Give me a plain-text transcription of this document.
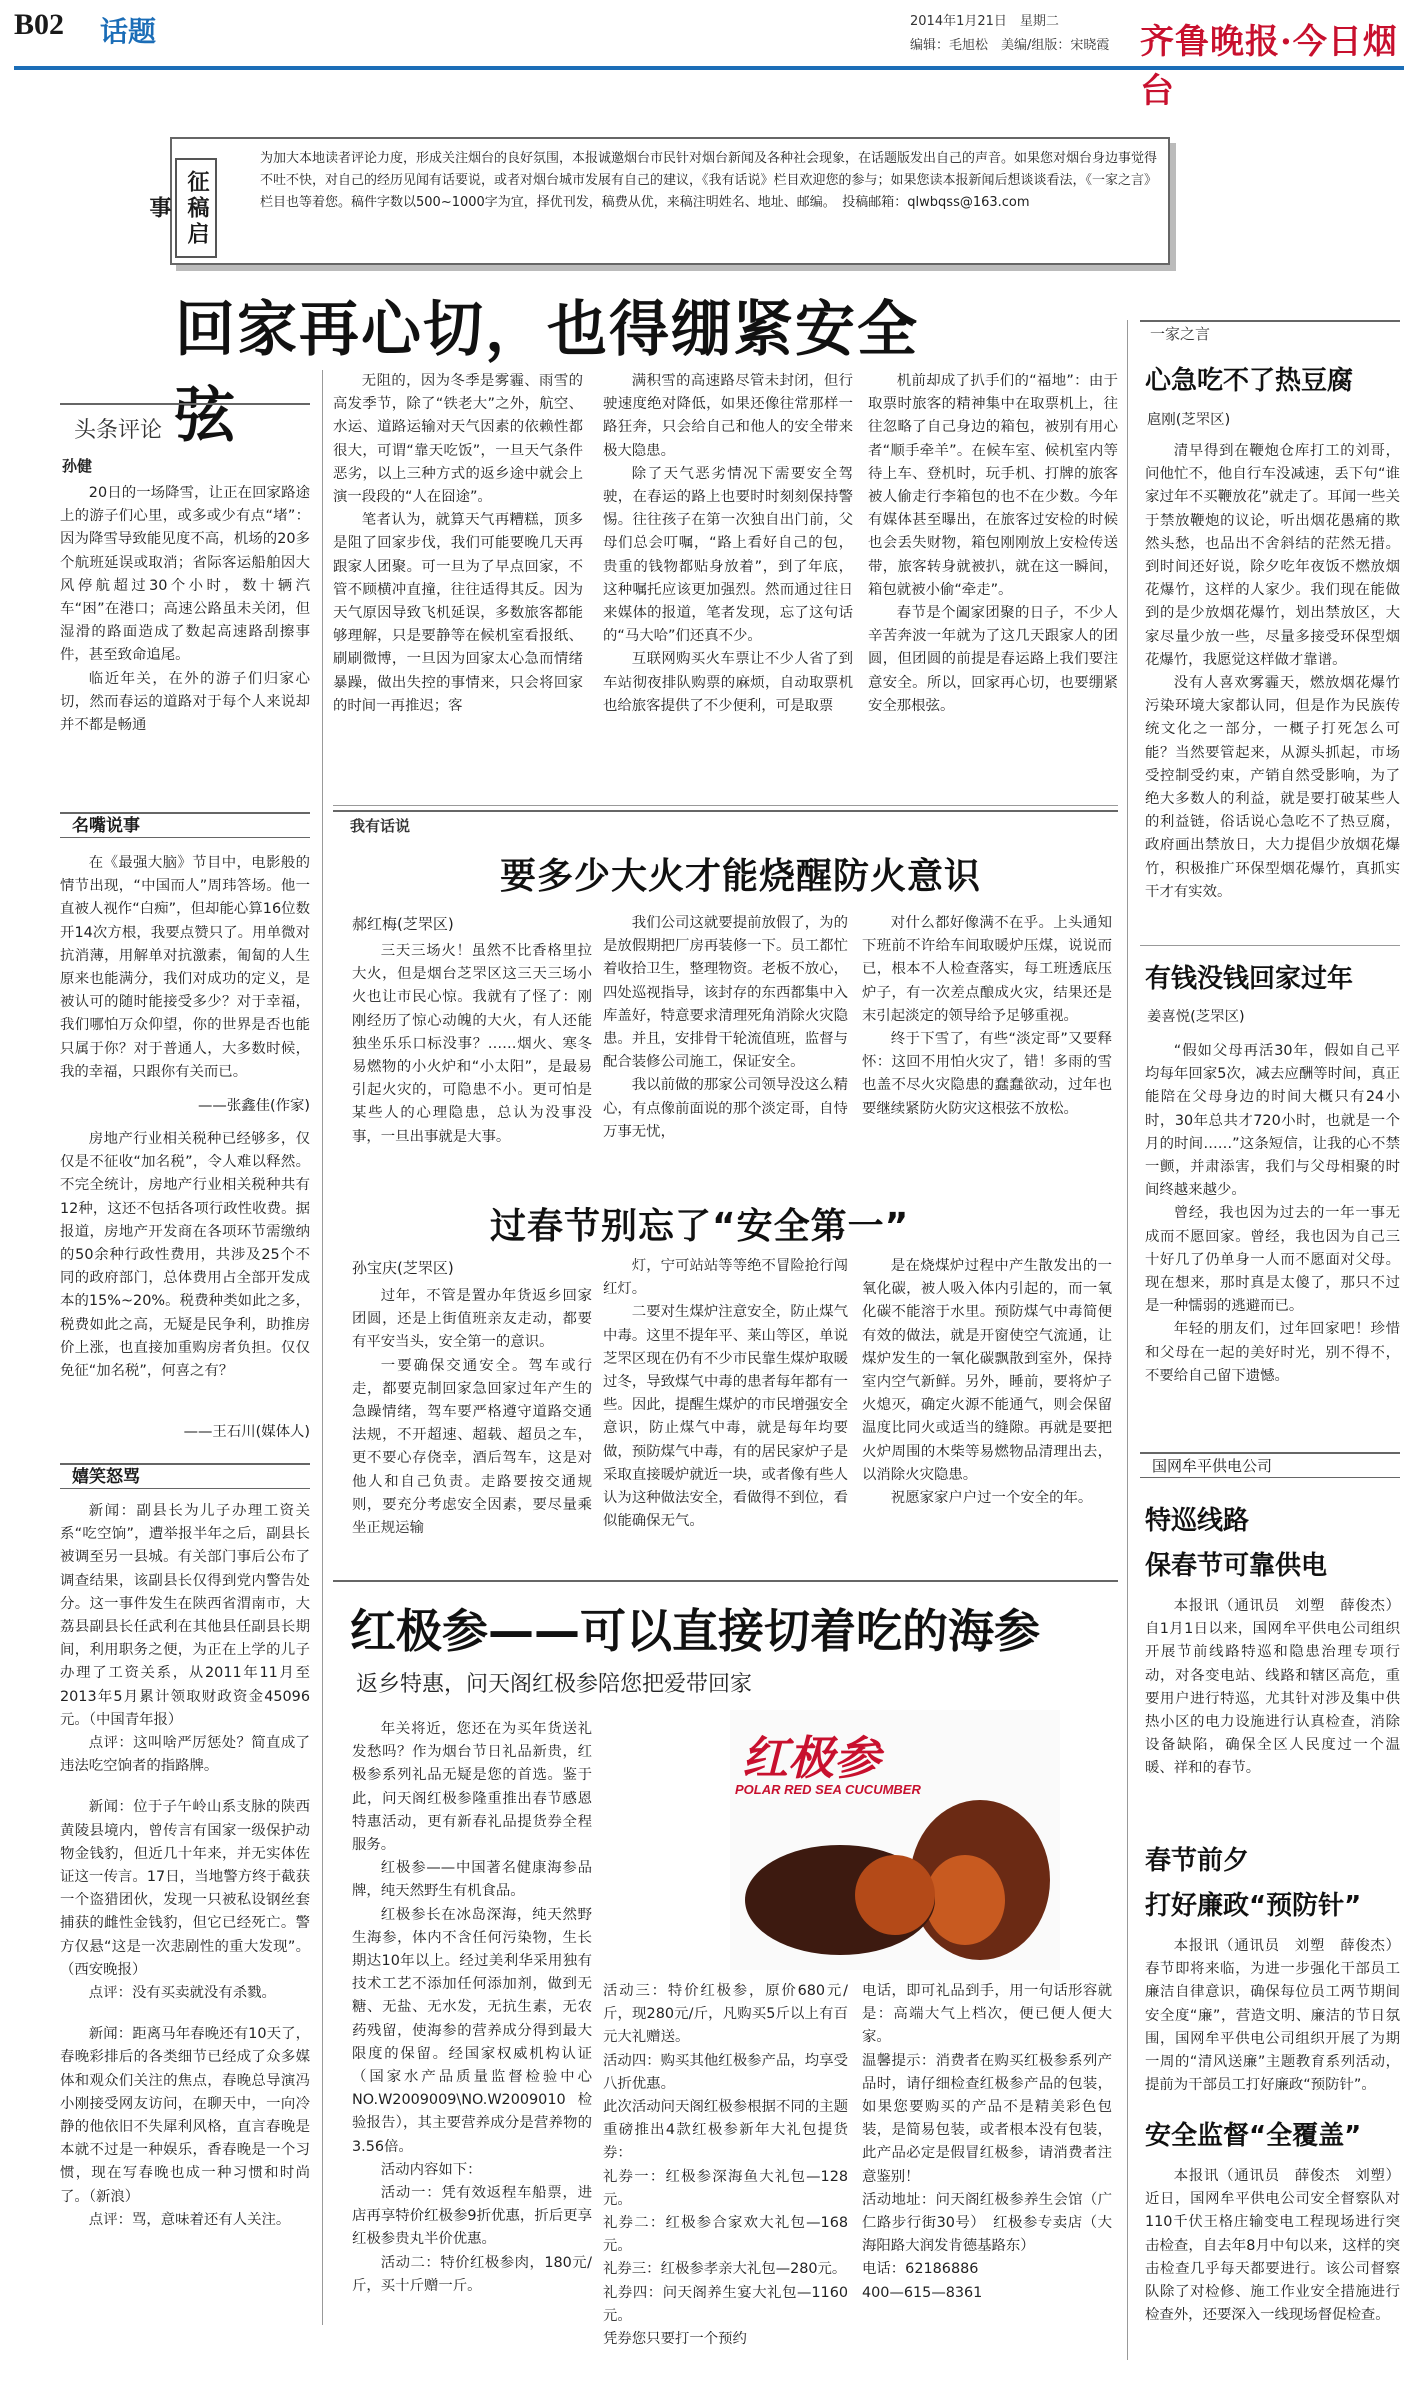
B02 话题	2014年1月21日　星期二
编辑：毛旭松　美编/组版：宋晓霞 齐鲁晚报·今日烟台
征稿启事
为加大本地读者评论力度，形成关注烟台的良好氛围，本报诚邀烟台市民针对烟台新闻及各种社会现象，在话题版发出自己的声音。如果您对烟台身边事觉得不吐不快，对自己的经历见闻有话要说，或者对烟台城市发展有自己的建议，《我有话说》栏目欢迎您的参与；如果您读本报新闻后想谈谈看法，《一家之言》栏目也等着您。稿件字数以500~1000字为宜，择优刊发，稿费从优，来稿注明姓名、地址、邮编。　投稿邮箱：qlwbqss@163.com
回家再心切，也得绷紧安全弦
头条评论
孙健

20日的一场降雪，让正在回家路途上的游子们心里，或多或少有点“堵”：因为降雪导致能见度不高，机场的20多个航班延误或取消；省际客运船舶因大风停航超过30个小时，数十辆汽车“困”在港口；高速公路虽未关闭，但湿滑的路面造成了数起高速路刮擦事件，甚至致命追尾。

临近年关，在外的游子们归家心切，然而春运的道路对于每个人来说却并不都是畅通

无阻的，因为冬季是雾霾、雨雪的高发季节，除了“铁老大”之外，航空、水运、道路运输对天气因素的依赖性都很大，可谓“靠天吃饭”，一旦天气条件恶劣，以上三种方式的返乡途中就会上演一段段的“人在囧途”。

笔者认为，就算天气再糟糕，顶多是阻了回家步伐，我们可能要晚几天再跟家人团聚。可一旦为了早点回家，不管不顾横冲直撞，往往适得其反。因为天气原因导致飞机延误，多数旅客都能够理解，只是要静等在候机室看报纸、刷刷微博，一旦因为回家太心急而情绪暴躁，做出失控的事情来，只会将回家的时间一再推迟；客

满积雪的高速路尽管未封闭，但行驶速度绝对降低，如果还像往常那样一路狂奔，只会给自己和他人的安全带来极大隐患。

除了天气恶劣情况下需要安全驾驶，在春运的路上也要时时刻刻保持警惕。往往孩子在第一次独自出门前，父母们总会叮嘱，“路上看好自己的包，贵重的钱物都贴身放着”，到了年底，这种嘱托应该更加强烈。然而通过往日来媒体的报道，笔者发现，忘了这句话的“马大哈”们还真不少。

互联网购买火车票让不少人省了到车站彻夜排队购票的麻烦，自动取票机也给旅客提供了不少便利，可是取票

机前却成了扒手们的“福地”：由于取票时旅客的精神集中在取票机上，往往忽略了自己身边的箱包，被别有用心者“顺手牵羊”。在候车室、候机室内等待上车、登机时，玩手机、打牌的旅客被人偷走行李箱包的也不在少数。今年有媒体甚至曝出，在旅客过安检的时候也会丢失财物，箱包刚刚放上安检传送带，旅客转身就被扒，就在这一瞬间，箱包就被小偷“牵走”。

春节是个阖家团聚的日子，不少人辛苦奔波一年就为了这几天跟家人的团圆，但团圆的前提是春运路上我们要注意安全。所以，回家再心切，也要绷紧安全那根弦。

名嘴说事

在《最强大脑》节目中，电影般的情节出现，“中国而人”周玮答场。他一直被人视作“白痴”，但却能心算16位数开14次方根，我要点赞只了。用单微对抗消薄，用解单对抗激素，匍匐的人生原来也能满分，我们对成功的定义，是被认可的随时能接受多少？对于幸福，我们哪怕万众仰望，你的世界是否也能只属于你？对于普通人，大多数时候，我的幸福，只跟你有关而已。

——张鑫佳(作家)

房地产行业相关税种已经够多，仅仅是不征收“加名税”，令人难以释然。不完全统计，房地产行业相关税种共有12种，这还不包括各项行政性收费。据报道，房地产开发商在各项环节需缴纳的50余种行政性费用，共涉及25个不同的政府部门，总体费用占全部开发成本的15%~20%。税费种类如此之多，税费如此之高，无疑是民争利，助推房价上涨，也直接加重购房者负担。仅仅免征“加名税”，何喜之有？

——王石川(媒体人)
嬉笑怒骂

新闻：副县长为儿子办理工资关系“吃空饷”，遭举报半年之后，副县长被调至另一县城。有关部门事后公布了调查结果，该副县长仅得到党内警告处分。这一事件发生在陕西省渭南市，大荔县副县长任武利在其他县任副县长期间，利用职务之便，为正在上学的儿子办理了工资关系，从2011年11月至2013年5月累计领取财政资金45096元。（中国青年报）

点评：这叫啥严厉惩处？简直成了违法吃空饷者的指路牌。

新闻：位于子午岭山系支脉的陕西黄陵县境内，曾传言有国家一级保护动物金钱豹，但近几十年来，并无实体佐证这一传言。17日，当地警方终于截获一个盗猎团伙，发现一只被私设钢丝套捕获的雌性金钱豹，但它已经死亡。警方仅悬“这是一次悲剧性的重大发现”。（西安晚报）

点评：没有买卖就没有杀戮。

新闻：距离马年春晚还有10天了，春晚彩排后的各类细节已经成了众多媒体和观众们关注的焦点，春晚总导演冯小刚接受网友访问，在聊天中，一向冷静的他依旧不失犀利风格，直言春晚是本就不过是一种娱乐，香春晚是一个习惯，现在写春晚也成一种习惯和时尚了。（新浪）

点评：骂，意味着还有人关注。

我有话说
要多少大火才能烧醒防火意识
郝红梅(芝罘区)

三天三场火！虽然不比香格里拉大火，但是烟台芝罘区这三天三场小火也让市民心惊。我就有了怪了：刚刚经历了惊心动魄的大火，有人还能独坐乐乐口标没事？……烟火、寒冬易燃物的小火炉和“小太阳”，是最易引起火灾的，可隐患不小。更可怕是某些人的心理隐患，总认为没事没事，一旦出事就是大事。

我们公司这就要提前放假了，为的是放假期把厂房再装修一下。员工都忙着收拾卫生，整理物资。老板不放心，四处巡视指导，该封存的东西都集中入库盖好，特意要求清理死角消除火灾隐患。并且，安排骨干轮流值班，监督与配合装修公司施工，保证安全。

我以前做的那家公司领导没这么精心，有点像前面说的那个淡定哥，自恃万事无忧，

对什么都好像满不在乎。上头通知下班前不许给车间取暖炉压煤，说说而已，根本不人检查落实，每工班透底压炉子，有一次差点酿成火灾，结果还是末引起淡定的领导给予足够重视。

终于下雪了，有些“淡定哥”又要释怀：这回不用怕火灾了，错！多雨的雪也盖不尽火灾隐患的蠢蠢欲动，过年也要继续紧防火防灾这根弦不放松。

过春节别忘了“安全第一”
孙宝庆(芝罘区)

过年，不管是置办年货返乡回家团圆，还是上街值班亲友走动，都要有平安当头，安全第一的意识。

一要确保交通安全。驾车或行走，都要克制回家急回家过年产生的急躁情绪，驾车要严格遵守道路交通法规，不开超速、超载、超员之车，更不要心存侥幸，酒后驾车，这是对他人和自己负责。走路要按交通规则，要充分考虑安全因素，要尽量乘坐正规运输

灯，宁可站站等等绝不冒险抢行闯红灯。

二要对生煤炉注意安全，防止煤气中毒。这里不提年平、莱山等区，单说芝罘区现在仍有不少市民靠生煤炉取暖过冬，导致煤气中毒的患者每年都有一些。因此，提醒生煤炉的市民增强安全意识，防止煤气中毒，就是每年均要做，预防煤气中毒，有的居民家炉子是采取直接暖炉就近一块，或者像有些人认为这种做法安全，看做得不到位，看似能确保无气。

是在烧煤炉过程中产生散发出的一氧化碳，被人吸入体内引起的，而一氧化碳不能溶于水里。预防煤气中毒简便有效的做法，就是开窗使空气流通，让煤炉发生的一氧化碳飘散到室外，保持室内空气新鲜。另外，睡前，要将炉子火熄灭，确定火源不能通气，则会保留温度比同火或适当的缝隙。再就是要把火炉周围的木柴等易燃物品清理出去，以消除火灾隐患。

祝愿家家户户过一个安全的年。

红极参——可以直接切着吃的海参
返乡特惠，问天阁红极参陪您把爱带回家

年关将近，您还在为买年货送礼发愁吗？作为烟台节日礼品新贵，红极参系列礼品无疑是您的首选。鉴于此，问天阁红极参隆重推出春节感恩特惠活动，更有新春礼品提货券全程服务。

红极参——中国著名健康海参品牌，纯天然野生有机食品。

红极参长在冰岛深海，纯天然野生海参，体内不含任何污染物，生长期达10年以上。经过美利华采用独有技术工艺不添加任何添加剂，做到无糖、无盐、无水发，无抗生素，无农药残留，使海参的营养成分得到最大限度的保留。经国家权威机构认证（国家水产品质量监督检验中心NO.W2009009\NO.W2009010检验报告），其主要营养成分是营养物的3.56倍。

活动内容如下：

活动一：凭有效返程车船票，进店再享特价红极参9折优惠，折后更享红极参贵丸半价优惠。

活动二：特价红极参肉，180元/斤，买十斤赠一斤。

红极参
POLAR RED SEA CUCUMBER

活动三：特价红极参，原价680元/斤，现280元/斤，凡购买5斤以上有百元大礼赠送。

活动四：购买其他红极参产品，均享受八折优惠。

此次活动问天阁红极参根据不同的主题重磅推出4款红极参新年大礼包提货券：

礼券一：红极参深海鱼大礼包—128元。

礼券二：红极参合家欢大礼包—168元。

礼券三：红极参孝亲大礼包—280元。

礼券四：问天阁养生宴大礼包—1160元。

凭券您只要打一个预约

电话，即可礼品到手，用一句话形容就是：高端大气上档次，便已便人便大家。

温馨提示：消费者在购买红极参系列产品时，请仔细检查红极参产品的包装，如果您要购买的产品不是精美彩色包装，是简易包装，或者根本没有包装，此产品必定是假冒红极参，请消费者注意鉴别！

活动地址：问天阁红极参养生会馆（广仁路步行街30号）　红极参专卖店（大海阳路大润发肯德基路东）

电话：62186886

400—615—8361

一家之言
心急吃不了热豆腐
扈刚(芝罘区)

清早得到在鞭炮仓库打工的刘哥，问他忙不，他自行车没减速，丢下句“谁家过年不买鞭放花”就走了。耳闻一些关于禁放鞭炮的议论，听出烟花愚痛的欺然头愁，也品出不舍斜结的茫然无措。到时间还好说，除夕吃年夜饭不燃放烟花爆竹，这样的人家少。我们现在能做到的是少放烟花爆竹，划出禁放区，大家尽量少放一些，尽量多接受环保型烟花爆竹，我愿觉这样做才靠谱。

没有人喜欢雾霾天，燃放烟花爆竹污染环境大家都认同，但是作为民族传统文化之一部分，一概子打死怎么可能？当然要管起来，从源头抓起，市场受控制受约束，产销自然受影响，为了绝大多数人的利益，就是要打破某些人的利益链，俗话说心急吃不了热豆腐，政府画出禁放日，大力提倡少放烟花爆竹，积极推广环保型烟花爆竹，真抓实干才有实效。

有钱没钱回家过年
姜喜悦(芝罘区)

“假如父母再活30年，假如自己平均每年回家5次，减去应酬等时间，真正能陪在父母身边的时间大概只有24小时，30年总共才720小时，也就是一个月的时间……”这条短信，让我的心不禁一颤，并肃添害，我们与父母相聚的时间终越来越少。

曾经，我也因为过去的一年一事无成而不愿回家。曾经，我也因为自己三十好几了仍单身一人而不愿面对父母。现在想来，那时真是太傻了，那只不过是一种懦弱的逃避而已。

年轻的朋友们，过年回家吧！珍惜和父母在一起的美好时光，别不得不，不要给自己留下遗憾。

国网牟平供电公司
特巡线路
保春节可靠供电

本报讯（通讯员　刘塑　薛俊杰）自1月1日以来，国网牟平供电公司组织开展节前线路特巡和隐患治理专项行动，对各变电站、线路和辖区高危，重要用户进行特巡，尤其针对涉及集中供热小区的电力设施进行认真检查，消除设备缺陷，确保全区人民度过一个温暖、祥和的春节。

春节前夕
打好廉政“预防针”

本报讯（通讯员　刘塑　薛俊杰）春节即将来临，为进一步强化干部员工廉洁自律意识，确保每位员工两节期间安全度“廉”，营造文明、廉洁的节日氛围，国网牟平供电公司组织开展了为期一周的“清风送廉”主题教育系列活动，提前为干部员工打好廉政“预防针”。

安全监督“全覆盖”

本报讯（通讯员　薛俊杰　刘塑）近日，国网牟平供电公司安全督察队对110千伏王格庄输变电工程现场进行突击检查，自去年8月中旬以来，这样的突击检查几乎每天都要进行。该公司督察队除了对检修、施工作业安全措施进行检查外，还要深入一线现场督促检查。
